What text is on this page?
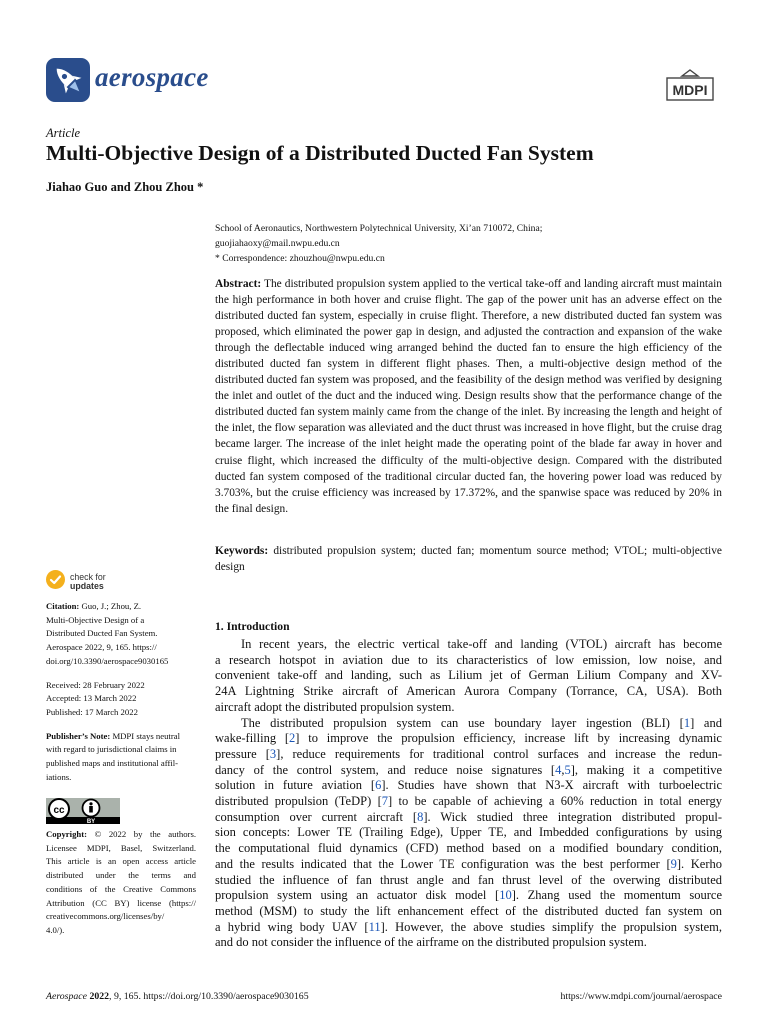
aerospace	MDPI
Article
Multi-Objective Design of a Distributed Ducted Fan System
Jiahao Guo and Zhou Zhou *
School of Aeronautics, Northwestern Polytechnical University, Xi’an 710072, China;
guojiahaoxy@mail.nwpu.edu.cn
* Correspondence: zhouzhou@nwpu.edu.cn
Abstract: The distributed propulsion system applied to the vertical take-off and landing aircraft must maintain the high performance in both hover and cruise flight. The gap of the power unit has an adverse effect on the distributed ducted fan system, especially in cruise flight. Therefore, a new distributed ducted fan system was proposed, which eliminated the power gap in design, and adjusted the contraction and expansion of the wake through the deflectable induced wing arranged behind the ducted fan to ensure the high efficiency of the distributed ducted fan system in different flight phases. Then, a multi-objective design method of the distributed ducted fan system was proposed, and the feasibility of the design method was verified by designing the inlet and outlet of the duct and the induced wing. Design results show that the performance change of the distributed ducted fan system mainly came from the change of the inlet. By increasing the length and height of the inlet, the flow separation was alleviated and the duct thrust was increased in hove flight, but the cruise drag became larger. The increase of the inlet height made the operating point of the blade far away in hover and cruise flight, which increased the difficulty of the multi-objective design. Compared with the distributed ducted fan system composed of the traditional circular ducted fan, the hovering power load was reduced by 3.703%, but the cruise efficiency was increased by 17.372%, and the spanwise space was reduced by 20% in the final design.
Keywords: distributed propulsion system; ducted fan; momentum source method; VTOL; multi-objective design
check for
updates
Citation: Guo, J.; Zhou, Z.
Multi-Objective Design of a
Distributed Ducted Fan System.
Aerospace 2022, 9, 165. https://
doi.org/10.3390/aerospace9030165
Received: 28 February 2022
Accepted: 13 March 2022
Published: 17 March 2022
Publisher’s Note: MDPI stays neutral
with regard to jurisdictional claims in
published maps and institutional affil-
iations.
cc
BY
Copyright: © 2022 by the authors.
Licensee MDPI, Basel, Switzerland.
This article is an open access article
distributed under the terms and
conditions of the Creative Commons
Attribution (CC BY) license (https://
creativecommons.org/licenses/by/
4.0/).
1. Introduction
In recent years, the electric vertical take-off and landing (VTOL) aircraft has become
a research hotspot in aviation due to its characteristics of low emission, low noise, and
convenient take-off and landing, such as Lilium jet of German Lilium Company and XV-
24A Lightning Strike aircraft of American Aurora Company (Torrance, CA, USA). Both
aircraft adopt the distributed propulsion system.
The distributed propulsion system can use boundary layer ingestion (BLI) [1] and
wake-filling [2] to improve the propulsion efficiency, increase lift by increasing dynamic
pressure [3], reduce requirements for traditional control surfaces and increase the redun-
dancy of the control system, and reduce noise signatures [4,5], making it a competitive
solution in future aviation [6]. Studies have shown that N3-X aircraft with turboelectric
distributed propulsion (TeDP) [7] to be capable of achieving a 60% reduction in total energy
consumption over current aircraft [8]. Wick studied three integration distributed propul-
sion concepts: Lower TE (Trailing Edge), Upper TE, and Imbedded configurations by using
the computational fluid dynamics (CFD) method based on a modified boundary condition,
and the results indicated that the Lower TE configuration was the best performer [9]. Kerho
studied the influence of fan thrust angle and fan thrust level of the overwing distributed
propulsion system using an actuator disk model [10]. Zhang used the momentum source
method (MSM) to study the lift enhancement effect of the distributed ducted fan system on
a hybrid wing body UAV [11]. However, the above studies simplify the propulsion system,
and do not consider the influence of the airframe on the distributed propulsion system.
Aerospace 2022, 9, 165. https://doi.org/10.3390/aerospace9030165	https://www.mdpi.com/journal/aerospace
